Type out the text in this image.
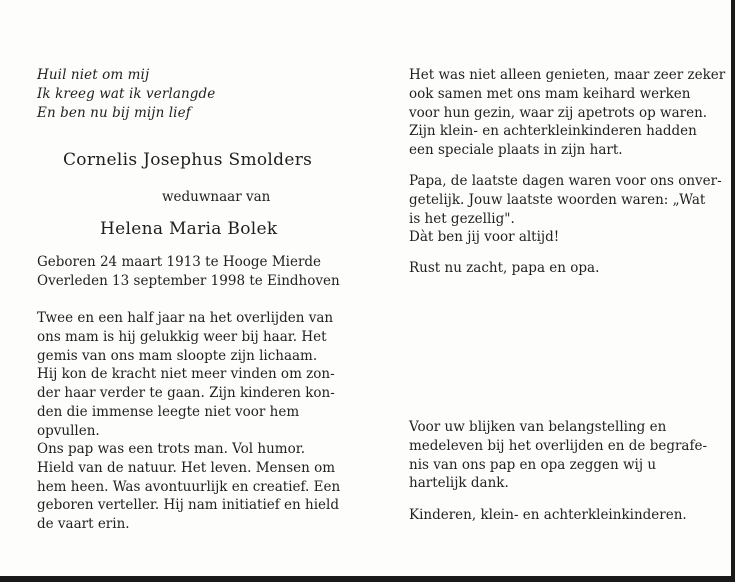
Huil niet om mij
Ik kreeg wat ik verlangde
En ben nu bij mijn lief
Cornelis Josephus Smolders
weduwnaar van
Helena Maria Bolek
Geboren 24 maart 1913 te Hooge Mierde
Overleden 13 september 1998 te Eindhoven
Twee en een half jaar na het overlijden van
ons mam is hij gelukkig weer bij haar. Het
gemis van ons mam sloopte zijn lichaam.
Hij kon de kracht niet meer vinden om zon-
der haar verder te gaan. Zijn kinderen kon-
den die immense leegte niet voor hem
opvullen.
Ons pap was een trots man. Vol humor.
Hield van de natuur. Het leven. Mensen om
hem heen. Was avontuurlijk en creatief. Een
geboren verteller. Hij nam initiatief en hield
de vaart erin.
Het was niet alleen genieten, maar zeer zeker
ook samen met ons mam keihard werken
voor hun gezin, waar zij apetrots op waren.
Zijn klein- en achterkleinkinderen hadden
een speciale plaats in zijn hart.
Papa, de laatste dagen waren voor ons onver-
getelijk. Jouw laatste woorden waren: „Wat
is het gezellig".
Dàt ben jij voor altijd!
Rust nu zacht, papa en opa.
Voor uw blijken van belangstelling en
medeleven bij het overlijden en de begrafe-
nis van ons pap en opa zeggen wij u
hartelijk dank.
Kinderen, klein- en achterkleinkinderen.
